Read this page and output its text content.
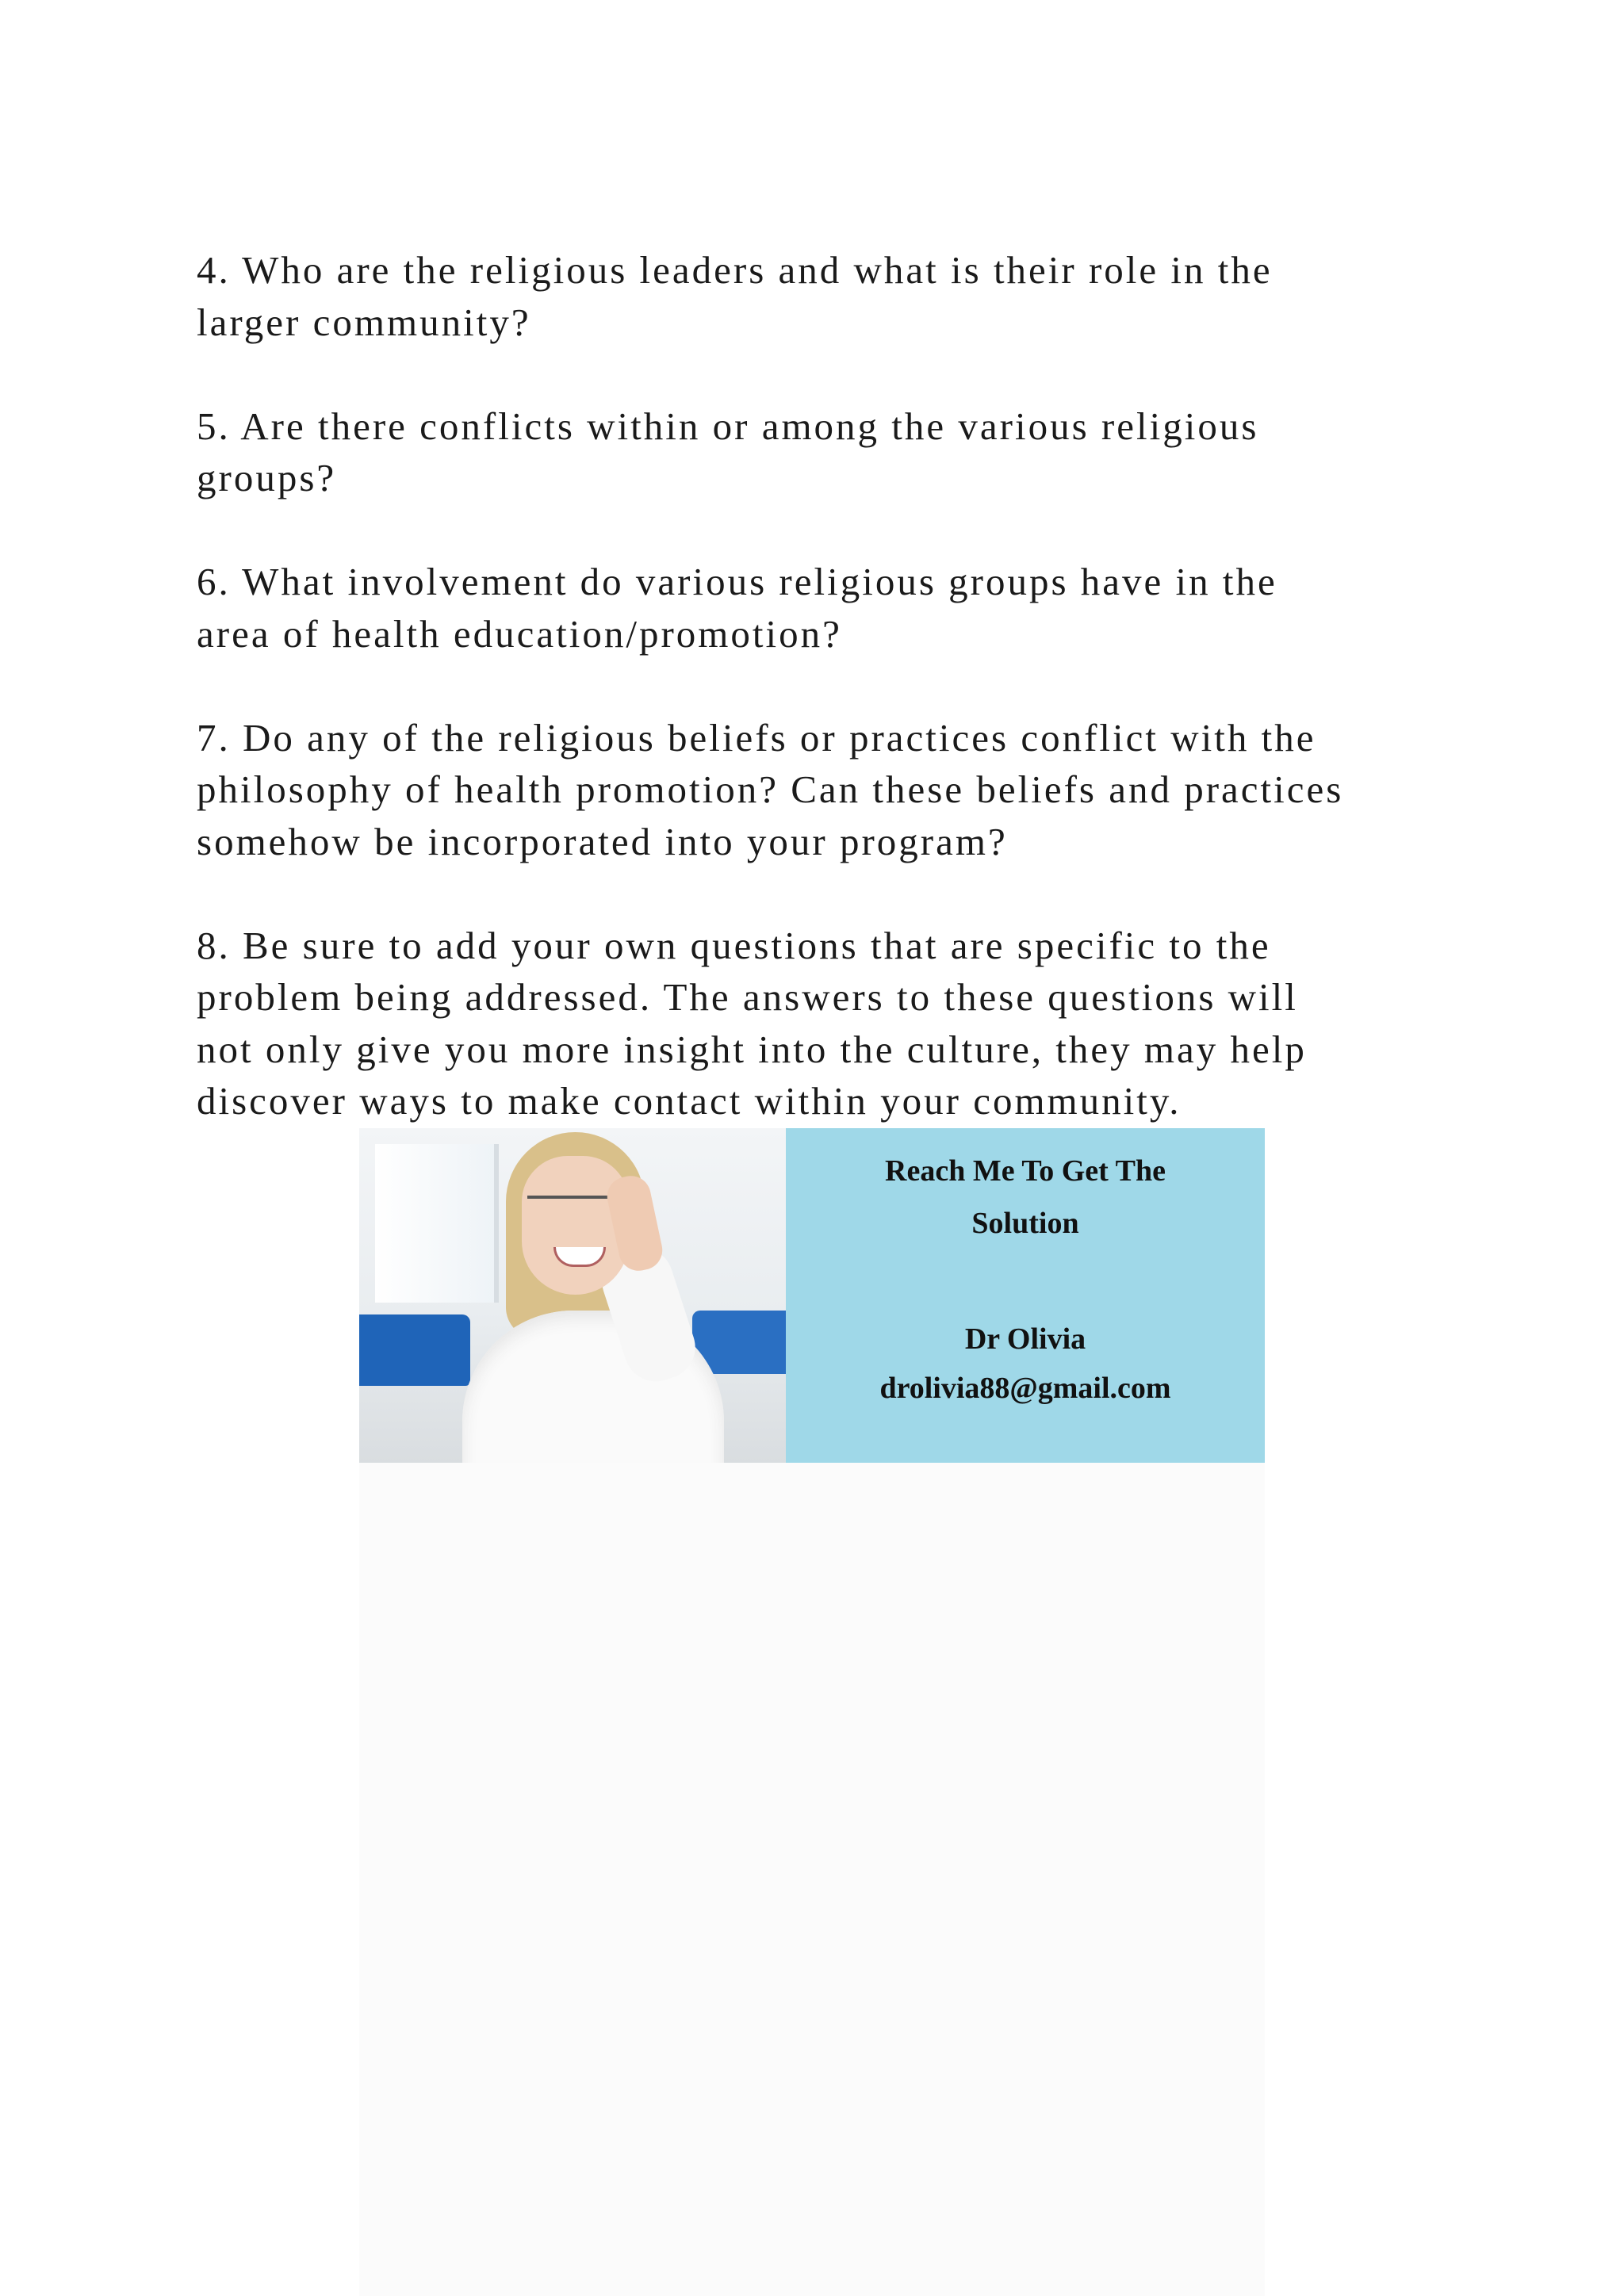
4. Who are the religious leaders and what is their role in the
larger community?

5. Are there conflicts within or among the various religious
groups?

6. What involvement do various religious groups have in the
area of health education/promotion?

7. Do any of the religious beliefs or practices conflict with the
philosophy of health promotion? Can these beliefs and practices
somehow be incorporated into your program?

8. Be sure to add your own questions that are specific to the
problem being addressed. The answers to these questions will
not only give you more insight into the culture, they may help
discover ways to make contact within your community.

Reach Me To Get The
Solution
Dr Olivia
drolivia88@gmail.com
